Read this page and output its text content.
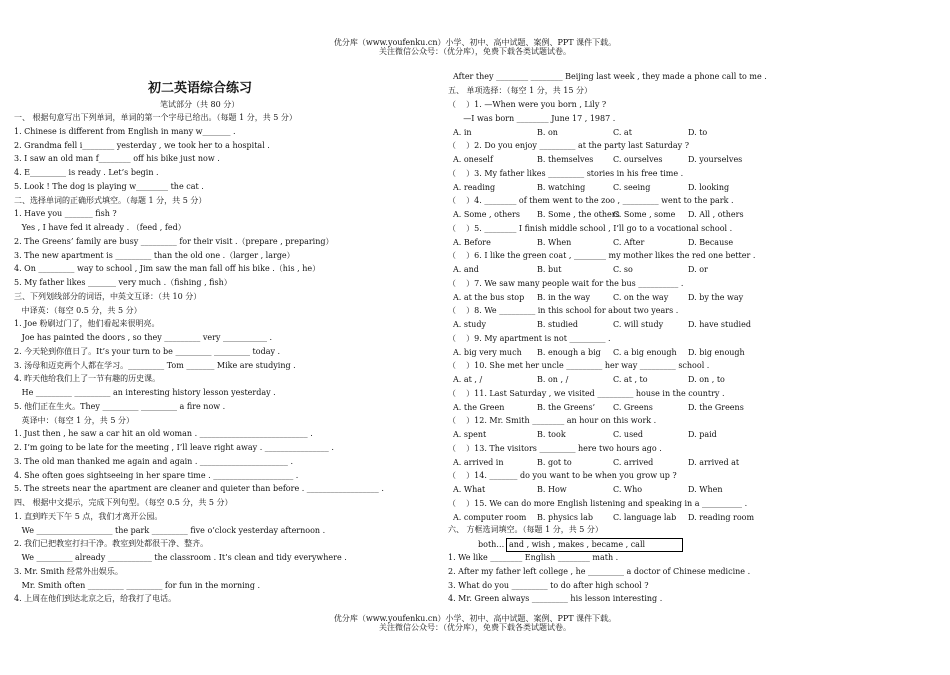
优分库（www.youfenku.cn）小学、初中、高中试题、案例、PPT 课件下载。
关注微信公众号：（优分库），免费下载各类试题试卷。
初二英语综合练习
笔试部分（共 80 分）
一、 根据句意写出下列单词，单词的第一个字母已给出。（每题 1 分，共 5 分）
1. Chinese is different from English in many w_______ .
2. Grandma fell i________ yesterday , we took her to a hospital .
3. I saw an old man f________ off his bike just now .
4. E_________ is ready . Let’s begin .
5. Look ! The dog is playing w________ the cat .
二、选择单词的正确形式填空。（每题 1 分，共 5 分）
1. Have you _______ fish ?
Yes , I have fed it already . （feed , fed）
2. The Greens’ family are busy _________ for their visit .（prepare , preparing）
3. The new apartment is _________ than the old one .（larger , large）
4. On _________ way to school , Jim saw the man fall off his bike .（his , he）
5. My father likes _______ very much .（fishing , fish）
三、下列划线部分的词语，中英文互译：（共 10 分）
中译英：（每空 0.5 分，共 5 分）
1. Joe 粉刷过门了，他们看起来很明亮。
Joe has painted the doors , so they _________ very ___________ .
2. 今天轮到你值日了。It’s your turn to be _________ _________ today .
3. 汤母和迈克两个人都在学习。_________ Tom _______ Mike are studying .
4. 昨天他给我们上了一节有趣的历史课。
He _________ _________ an interesting history lesson yesterday .
5. 他们正在生火。They _________ _________ a fire now .
英译中：（每空 1 分，共 5 分）
1. Just then , he saw a car hit an old woman . ___________________________ .
2. I’m going to be late for the meeting , I’ll leave right away . ________________ .
3. The old man thanked me again and again . ______________________ .
4. She often goes sightseeing in her spare time . ____________________ .
5. The streets near the apartment are cleaner and quieter than before . __________________ .
四、 根据中文提示，完成下列句型。（每空 0.5 分，共 5 分）
1. 直到昨天下午 5 点，我们才离开公园。
We ___________________ the park _________ five o’clock yesterday afternoon .
2. 我们已把教室打扫干净。教室到处都很干净、整齐。
We _________ already ___________ the classroom . It’s clean and tidy everywhere .
3. Mr. Smith 经常外出娱乐。
Mr. Smith often _________ _________ for fun in the morning .
4. 上周在他们到达北京之后，给我打了电话。
After they ________ ________ Beijing last week , they made a phone call to me .
五、 单项选择：（每空 1 分，共 15 分）
（    ）1. —When were you born , Lily ?
—I was born ________ June 17 , 1987 .
A. in	B. on	C. at	D. to
（    ）2. Do you enjoy _________ at the party last Saturday ?
A. oneself	B. themselves C. ourselves	D. yourselves
（    ）3. My father likes _________ stories in his free time .
A. reading	B. watching	C. seeing	D. looking
（    ）4. ________ of them went to the zoo , _________ went to the park .
A. Some , others B. Some , the others
C. Some , some D. All , others
（    ）5. ________ I finish middle school , I’ll go to a vocational school .
A. Before	B. When	C. After	D. Because
（    ）6. I like the green coat , ________ my mother likes the red one better .
A. and	B. but	C. so	D. or
（    ）7. We saw many people wait for the bus __________ .
A. at the bus stop B. in the way	C. on the way D. by the way
（    ）8. We _________ in this school for about two years .
A. study	B. studied	C. will study	D. have studied
（    ）9. My apartment is not _________ .
A. big very much B. enough a big C. a big enough D. big enough
（    ）10. She met her uncle _________ her way _________ school .
A. at , /	B. on , /	C. at , to	D. on , to
（    ）11. Last Saturday , we visited _________ house in the country .
A. the Green	B. the Greens’ C. Greens	D. the Greens
（    ）12. Mr. Smith ________ an hour on this work .
A. spent	B. took	C. used	D. paid
（    ）13. The visitors _________ here two hours ago .
A. arrived in	B. got to	C. arrived	D. arrived at
（    ）14. _______ do you want to be when you grow up ?
A. What	B. How	C. Who	D. When
（    ）15. We can do more English listening and speaking in a __________ .
A. computer room B. physics lab	C. language lab D. reading room
六、 方框选词填空。（每题 1 分，共 5 分）
both… and , wish , makes , became , call
1. We like ________ English ________ math .
2. After my father left college , he _________ a doctor of Chinese medicine .
3. What do you _________ to do after high school ?
4. Mr. Green always _________ his lesson interesting .
优分库（www.youfenku.cn）小学、初中、高中试题、案例、PPT 课件下载。
关注微信公众号：（优分库），免费下载各类试题试卷。
